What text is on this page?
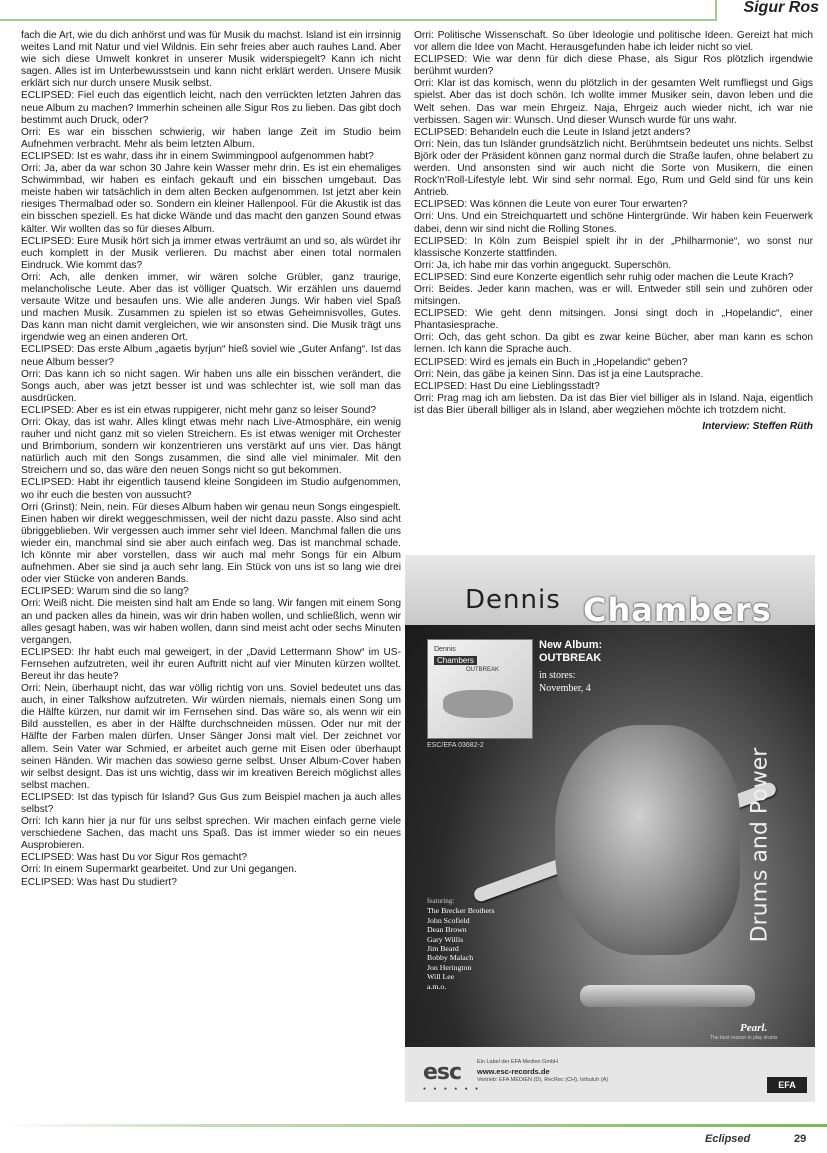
Sigur Ros

fach die Art, wie du dich anhörst und was für Musik du machst. Island ist ein irrsinnig weites Land mit Natur und viel Wildnis. Ein sehr freies aber auch rauhes Land. Aber wie sich diese Umwelt konkret in unserer Musik widerspiegelt? Kann ich nicht sagen. Alles ist im Unterbewusstsein und kann nicht erklärt werden. Unsere Musik erklärt sich nur durch unsere Musik selbst.

ECLIPSED: Fiel euch das eigentlich leicht, nach den verrückten letzten Jahren das neue Album zu machen? Immerhin scheinen alle Sigur Ros zu lieben. Das gibt doch bestimmt auch Druck, oder?

Orri: Es war ein bisschen schwierig, wir haben lange Zeit im Studio beim Aufnehmen verbracht. Mehr als beim letzten Album.

ECLIPSED: Ist es wahr, dass ihr in einem Swimmingpool aufgenommen habt?

Orri: Ja, aber da war schon 30 Jahre kein Wasser mehr drin. Es ist ein ehemaliges Schwimmbad, wir haben es einfach gekauft und ein bisschen umgebaut. Das meiste haben wir tatsächlich in dem alten Becken aufgenommen. Ist jetzt aber kein riesiges Thermalbad oder so. Sondern ein kleiner Hallenpool. Für die Akustik ist das ein bisschen speziell. Es hat dicke Wände und das macht den ganzen Sound etwas kälter. Wir wollten das so für dieses Album.

ECLIPSED: Eure Musik hört sich ja immer etwas verträumt an und so, als würdet ihr euch komplett in der Musik verlieren. Du machst aber einen total normalen Eindruck. Wie kommt das?

Orri: Ach, alle denken immer, wir wären solche Grübler, ganz traurige, melancholische Leute. Aber das ist völliger Quatsch. Wir erzählen uns dauernd versaute Witze und besaufen uns. Wie alle anderen Jungs. Wir haben viel Spaß und machen Musik. Zusammen zu spielen ist so etwas Geheimnisvolles, Gutes. Das kann man nicht damit vergleichen, wie wir ansonsten sind. Die Musik trägt uns irgendwie weg an einen anderen Ort.

ECLIPSED: Das erste Album „agaetis byrjun“ hieß soviel wie „Guter Anfang“. Ist das neue Album besser?

Orri: Das kann ich so nicht sagen. Wir haben uns alle ein bisschen verändert, die Songs auch, aber was jetzt besser ist und was schlechter ist, wie soll man das ausdrücken.

ECLIPSED: Aber es ist ein etwas ruppigerer, nicht mehr ganz so leiser Sound?

Orri: Okay, das ist wahr. Alles klingt etwas mehr nach Live-Atmosphäre, ein wenig rauher und nicht ganz mit so vielen Streichern. Es ist etwas weniger mit Orchester und Brimborium, sondern wir konzentrieren uns verstärkt auf uns vier. Das hängt natürlich auch mit den Songs zusammen, die sind alle viel minimaler. Mit den Streichern und so, das wäre den neuen Songs nicht so gut bekommen.

ECLIPSED: Habt ihr eigentlich tausend kleine Songideen im Studio aufgenommen, wo ihr euch die besten von aussucht?

Orri (Grinst): Nein, nein. Für dieses Album haben wir genau neun Songs eingespielt. Einen haben wir direkt weggeschmissen, weil der nicht dazu passte. Also sind acht übriggeblieben. Wir vergessen auch immer sehr viel Ideen. Manchmal fallen die uns wieder ein, manchmal sind sie aber auch einfach weg. Das ist manchmal schade. Ich könnte mir aber vorstellen, dass wir auch mal mehr Songs für ein Album aufnehmen. Aber sie sind ja auch sehr lang. Ein Stück von uns ist so lang wie drei oder vier Stücke von anderen Bands.

ECLIPSED: Warum sind die so lang?

Orri: Weiß nicht. Die meisten sind halt am Ende so lang. Wir fangen mit einem Song an und packen alles da hinein, was wir drin haben wollen, und schließlich, wenn wir alles gesagt haben, was wir haben wollen, dann sind meist acht oder sechs Minuten vergangen.

ECLIPSED: Ihr habt euch mal geweigert, in der „David Lettermann Show“ im US-Fernsehen aufzutreten, weil ihr euren Auftritt nicht auf vier Minuten kürzen wolltet. Bereut ihr das heute?

Orri: Nein, überhaupt nicht, das war völlig richtig von uns. Soviel bedeutet uns das auch, in einer Talkshow aufzutreten. Wir würden niemals, niemals einen Song um die Hälfte kürzen, nur damit wir im Fernsehen sind. Das wäre so, als wenn wir ein Bild ausstellen, es aber in der Hälfte durchschneiden müssen. Oder nur mit der Hälfte der Farben malen dürfen. Unser Sänger Jonsi malt viel. Der zeichnet vor allem. Sein Vater war Schmied, er arbeitet auch gerne mit Eisen oder überhaupt seinen Händen. Wir machen das sowieso gerne selbst. Unser Album-Cover haben wir selbst designt. Das ist uns wichtig, dass wir im kreativen Bereich möglichst alles selbst machen.

ECLIPSED: Ist das typisch für Island? Gus Gus zum Beispiel machen ja auch alles selbst?

Orri: Ich kann hier ja nur für uns selbst sprechen. Wir machen einfach gerne viele verschiedene Sachen, das macht uns Spaß. Das ist immer wieder so ein neues Ausprobieren.

ECLIPSED: Was hast Du vor Sigur Ros gemacht?

Orri: In einem Supermarkt gearbeitet. Und zur Uni gegangen.

ECLIPSED: Was hast Du studiert?

Orri: Politische Wissenschaft. So über Ideologie und politische Ideen. Gereizt hat mich vor allem die Idee von Macht. Herausgefunden habe ich leider nicht so viel.

ECLIPSED: Wie war denn für dich diese Phase, als Sigur Ros plötzlich irgendwie berühmt wurden?

Orri: Klar ist das komisch, wenn du plötzlich in der gesamten Welt rumfliegst und Gigs spielst. Aber das ist doch schön. Ich wollte immer Musiker sein, davon leben und die Welt sehen. Das war mein Ehrgeiz. Naja, Ehrgeiz auch wieder nicht, ich war nie verbissen. Sagen wir: Wunsch. Und dieser Wunsch wurde für uns wahr.

ECLIPSED: Behandeln euch die Leute in Island jetzt anders?

Orri: Nein, das tun Isländer grundsätzlich nicht. Berühmtsein bedeutet uns nichts. Selbst Björk oder der Präsident können ganz normal durch die Straße laufen, ohne belabert zu werden. Und ansonsten sind wir auch nicht die Sorte von Musikern, die einen Rock'n'Roll-Lifestyle lebt. Wir sind sehr normal. Ego, Rum und Geld sind für uns kein Antrieb.

ECLIPSED: Was können die Leute von eurer Tour erwarten?

Orri: Uns. Und ein Streichquartett und schöne Hintergründe. Wir haben kein Feuerwerk dabei, denn wir sind nicht die Rolling Stones.

ECLIPSED: In Köln zum Beispiel spielt ihr in der „Philharmonie“, wo sonst nur klassische Konzerte stattfinden.

Orri: Ja, ich habe mir das vorhin angeguckt. Superschön.

ECLIPSED: Sind eure Konzerte eigentlich sehr ruhig oder machen die Leute Krach?

Orri: Beides. Jeder kann machen, was er will. Entweder still sein und zuhören oder mitsingen.

ECLIPSED: Wie geht denn mitsingen. Jonsi singt doch in „Hopelandic“, einer Phantasiesprache.

Orri: Och, das geht schon. Da gibt es zwar keine Bücher, aber man kann es schon lernen. Ich kann die Sprache auch.

ECLIPSED: Wird es jemals ein Buch in „Hopelandic“ geben?

Orri: Nein, das gäbe ja keinen Sinn. Das ist ja eine Lautsprache.

ECLIPSED: Hast Du eine Lieblingsstadt?

Orri: Prag mag ich am liebsten. Da ist das Bier viel billiger als in Island. Naja, eigentlich ist das Bier überall billiger als in Island, aber wegziehen möchte ich trotzdem nicht.

Interview: Steffen Rüth

Dennis Chambers
Dennis
Chambers
OUTBREAK
ESC/EFA 03682-2
New Album:
OUTBREAK
in stores:
November, 4
Drums and Power
featuring:
The Brecker Brothers
John Scofield
Dean Brown
Gary Willis
Jim Beard
Bobby Malach
Jon Herington
Will Lee
a.m.o.
Pearl.
The best reason to play drums
esc
● ● ● ● ● ●
Ein Label der EFA Medien GmbH
www.esc-records.de
Vertrieb: EFA MEDIEN (D), RecRec (CH), Ixthuluh (A)	EFA
Eclipsed	29
